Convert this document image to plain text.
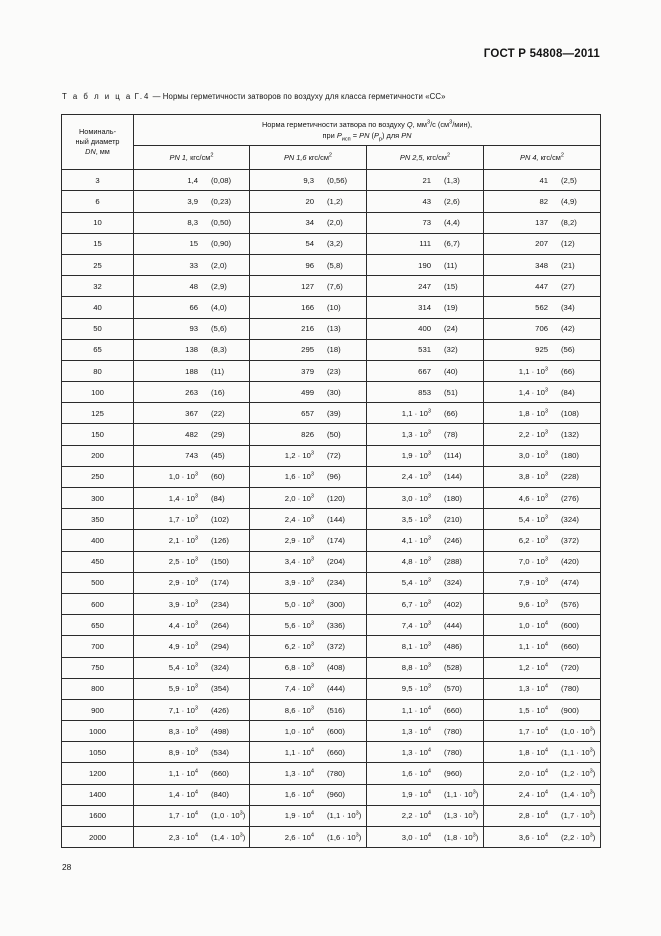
ГОСТ Р 54808—2011
Т а б л и ц а Г.4 — Нормы герметичности затворов по воздуху для класса герметичности «СС»
Номиналь-
ный диаметр
DN, мм

Норма герметичности затвора по воздуху Q, $мм^3/с$ $(см^3/мин)$,
при $P_{исп}$ = PN $(P_р)$ для PN

	PN 1, кгс/$см^2$	PN 1,6 кгс/$см^2$	PN 2,5, кгс/$см^2$	PN 4, кгс/$см^2$
3	1,4 (0,08)	9,3 (0,56)	21 (1,3)	41 (2,5)

6	3,9 (0,23)	20 (1,2)	43 (2,6)	82 (4,9)

10	8,3 (0,50)	34 (2,0)	73 (4,4)	137 (8,2)

15	15 (0,90)	54 (3,2)	111 (6,7)	207 (12)

25	33 (2,0)	96 (5,8)	190 (11)	348 (21)

32	48 (2,9)	127 (7,6)	247 (15)	447 (27)

40	66 (4,0)	166 (10)	314 (19)	562 (34)

50	93 (5,6)	216 (13)	400 (24)	706 (42)

65	138 (8,3)	295 (18)	531 (32)	925 (56)

80	188 (11)	379 (23)	667 (40)	$1,1 \cdot 10^3$ (66)

100	263 (16)	499 (30)	853 (51)	$1,4 \cdot 10^3$ (84)

125	367 (22)	657 (39)	$1,1 \cdot 10^3$ (66)	$1,8 \cdot 10^3$ (108)

150	482 (29)	826 (50)	$1,3 \cdot 10^3$ (78)	$2,2 \cdot 10^3$ (132)

200	743 (45)	$1,2 \cdot 10^3$ (72)	$1,9 \cdot 10^3$ (114)	$3,0 \cdot 10^3$ (180)

250	$1,0 \cdot 10^3$ (60)	$1,6 \cdot 10^3$ (96)	$2,4 \cdot 10^3$ (144)	$3,8 \cdot 10^3$ (228)

300	$1,4 \cdot 10^3$ (84)	$2,0 \cdot 10^3$ (120)	$3,0 \cdot 10^3$ (180)	$4,6 \cdot 10^3$ (276)

350	$1,7 \cdot 10^3$ (102)	$2,4 \cdot 10^3$ (144)	$3,5 \cdot 10^3$ (210)	$5,4 \cdot 10^3$ (324)

400	$2,1 \cdot 10^3$ (126)	$2,9 \cdot 10^3$ (174)	$4,1 \cdot 10^3$ (246)	$6,2 \cdot 10^3$ (372)

450	$2,5 \cdot 10^3$ (150)	$3,4 \cdot 10^3$ (204)	$4,8 \cdot 10^3$ (288)	$7,0 \cdot 10^3$ (420)

500	$2,9 \cdot 10^3$ (174)	$3,9 \cdot 10^3$ (234)	$5,4 \cdot 10^3$ (324)	$7,9 \cdot 10^3$ (474)

600	$3,9 \cdot 10^3$ (234)	$5,0 \cdot 10^3$ (300)	$6,7 \cdot 10^3$ (402)	$9,6 \cdot 10^3$ (576)

650	$4,4 \cdot 10^3$ (264)	$5,6 \cdot 10^3$ (336)	$7,4 \cdot 10^3$ (444)	$1,0 \cdot 10^4$ (600)

700	$4,9 \cdot 10^3$ (294)	$6,2 \cdot 10^3$ (372)	$8,1 \cdot 10^3$ (486)	$1,1 \cdot 10^4$ (660)

750	$5,4 \cdot 10^3$ (324)	$6,8 \cdot 10^3$ (408)	$8,8 \cdot 10^3$ (528)	$1,2 \cdot 10^4$ (720)

800	$5,9 \cdot 10^3$ (354)	$7,4 \cdot 10^3$ (444)	$9,5 \cdot 10^3$ (570)	$1,3 \cdot 10^4$ (780)

900	$7,1 \cdot 10^3$ (426)	$8,6 \cdot 10^3$ (516)	$1,1 \cdot 10^4$ (660)	$1,5 \cdot 10^4$ (900)

1000	$8,3 \cdot 10^3$ (498)	$1,0 \cdot 10^4$ (600)	$1,3 \cdot 10^4$ (780)	$1,7 \cdot 10^4$ $(1,0 \cdot 10^3)$

1050	$8,9 \cdot 10^3$ (534)	$1,1 \cdot 10^4$ (660)	$1,3 \cdot 10^4$ (780)	$1,8 \cdot 10^4$ $(1,1 \cdot 10^3)$

1200	$1,1 \cdot 10^4$ (660)	$1,3 \cdot 10^4$ (780)	$1,6 \cdot 10^4$ (960)	$2,0 \cdot 10^4$ $(1,2 \cdot 10^3)$

1400	$1,4 \cdot 10^4$ (840)	$1,6 \cdot 10^4$ (960)	$1,9 \cdot 10^4$ $(1,1 \cdot 10^3)$	$2,4 \cdot 10^4$ $(1,4 \cdot 10^3)$

1600	$1,7 \cdot 10^4$ $(1,0 \cdot 10^3)$	$1,9 \cdot 10^4$ $(1,1 \cdot 10^3)$	$2,2 \cdot 10^4$ $(1,3 \cdot 10^3)$	$2,8 \cdot 10^4$ $(1,7 \cdot 10^3)$

2000	$2,3 \cdot 10^4$ $(1,4 \cdot 10^3)$	$2,6 \cdot 10^4$ $(1,6 \cdot 10^3)$	$3,0 \cdot 10^4$ $(1,8 \cdot 10^3)$	$3,6 \cdot 10^4$ $(2,2 \cdot 10^3)$
28
